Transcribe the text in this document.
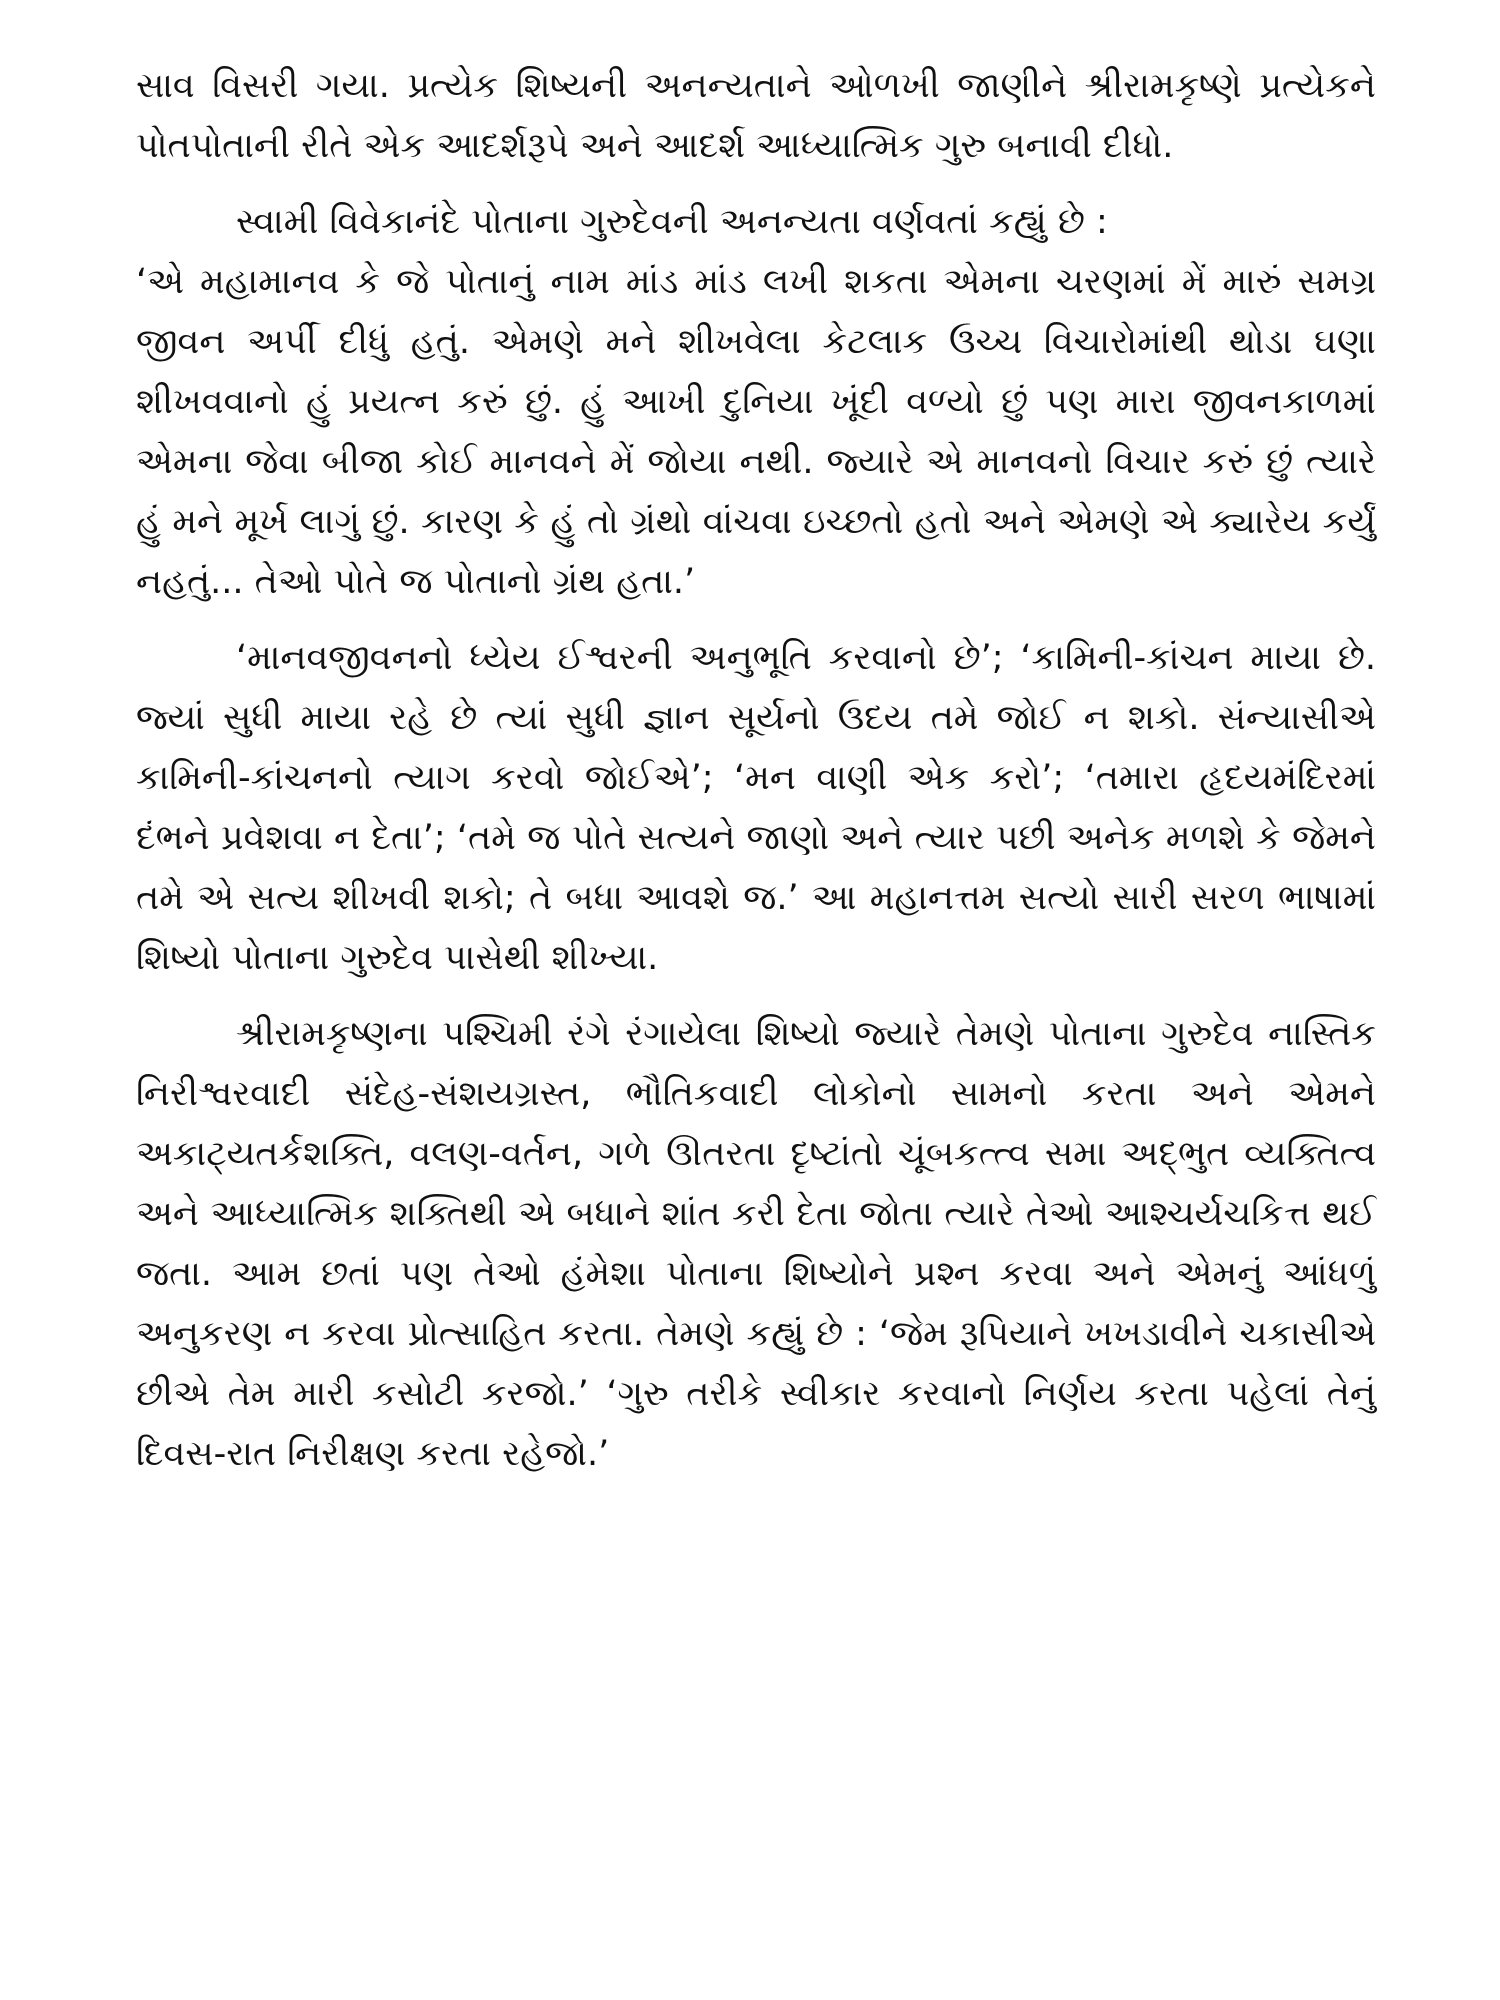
સાવ વિસરી ગયા. પ્રત્યેક શિષ્યની અનન્યતાને ઓળખી જાણીને શ્રીરામકૃષ્ણે પ્રત્યેકને પોતપોતાની રીતે એક આદર્શરૂપે અને આદર્શ આધ્યાત્મિક ગુરુ બનાવી દીધો.

સ્વામી વિવેકાનંદે પોતાના ગુરુદેવની અનન્યતા વર્ણવતાં કહ્યું છે :

‘એ મહામાનવ કે જે પોતાનું નામ માંડ માંડ લખી શકતા એમના ચરણમાં મેં મારું સમગ્ર જીવન અર્પી દીધું હતું. એમણે મને શીખવેલા કેટલાક ઉચ્ચ વિચારોમાંથી થોડા ઘણા શીખવવાનો હું પ્રયત્ન કરું છું. હું આખી દુનિયા ખૂંદી વળ્યો છું પણ મારા જીવનકાળમાં એમના જેવા બીજા કોઈ માનવને મેં જોયા નથી. જ્યારે એ માનવનો વિચાર કરું છું ત્યારે હું મને મૂર્ખ લાગું છું. કારણ કે હું તો ગ્રંથો વાંચવા ઇચ્છતો હતો અને એમણે એ ક્યારેય કર્યું નહતું... તેઓ પોતે જ પોતાનો ગ્રંથ હતા.’

‘માનવજીવનનો ધ્યેય ઈશ્વરની અનુભૂતિ કરવાનો છે’; ‘કામિની-કાંચન માયા છે. જ્યાં સુધી માયા રહે છે ત્યાં સુધી જ્ઞાન સૂર્યનો ઉદય તમે જોઈ ન શકો. સંન્યાસીએ કામિની-કાંચનનો ત્યાગ કરવો જોઈએ’; ‘મન વાણી એક કરો’; ‘તમારા હૃદયમંદિરમાં દંભને પ્રવેશવા ન દેતા’; ‘તમે જ પોતે સત્યને જાણો અને ત્યાર પછી અનેક મળશે કે જેમને તમે એ સત્ય શીખવી શકો; તે બધા આવશે જ.’ આ મહાનત્તમ સત્યો સારી સરળ ભાષામાં શિષ્યો પોતાના ગુરુદેવ પાસેથી શીખ્યા.

શ્રીરામકૃષ્ણના પશ્ચિમી રંગે રંગાયેલા શિષ્યો જ્યારે તેમણે પોતાના ગુરુદેવ નાસ્તિક નિરીશ્વરવાદી સંદેહ-સંશયગ્રસ્ત, ભૌતિકવાદી લોકોનો સામનો કરતા અને એમને અકાટ્યતર્કશક્તિ, વલણ-વર્તન, ગળે ઊતરતા દૃષ્ટાંતો ચૂંબકત્ત્વ સમા અદ્ભુત વ્યક્તિત્વ અને આધ્યાત્મિક શક્તિથી એ બધાને શાંત કરી દેતા જોતા ત્યારે તેઓ આશ્ચર્યચકિત્ત થઈ જતા. આમ છતાં પણ તેઓ હંમેશા પોતાના શિષ્યોને પ્રશ્ન કરવા અને એમનું આંધળું અનુકરણ ન કરવા પ્રોત્સાહિત કરતા. તેમણે કહ્યું છે : ‘જેમ રૂપિયાને ખખડાવીને ચકાસીએ છીએ તેમ મારી કસોટી કરજો.’ ‘ગુરુ તરીકે સ્વીકાર કરવાનો નિર્ણય કરતા પહેલાં તેનું દિવસ-રાત નિરીક્ષણ કરતા રહેજો.’
